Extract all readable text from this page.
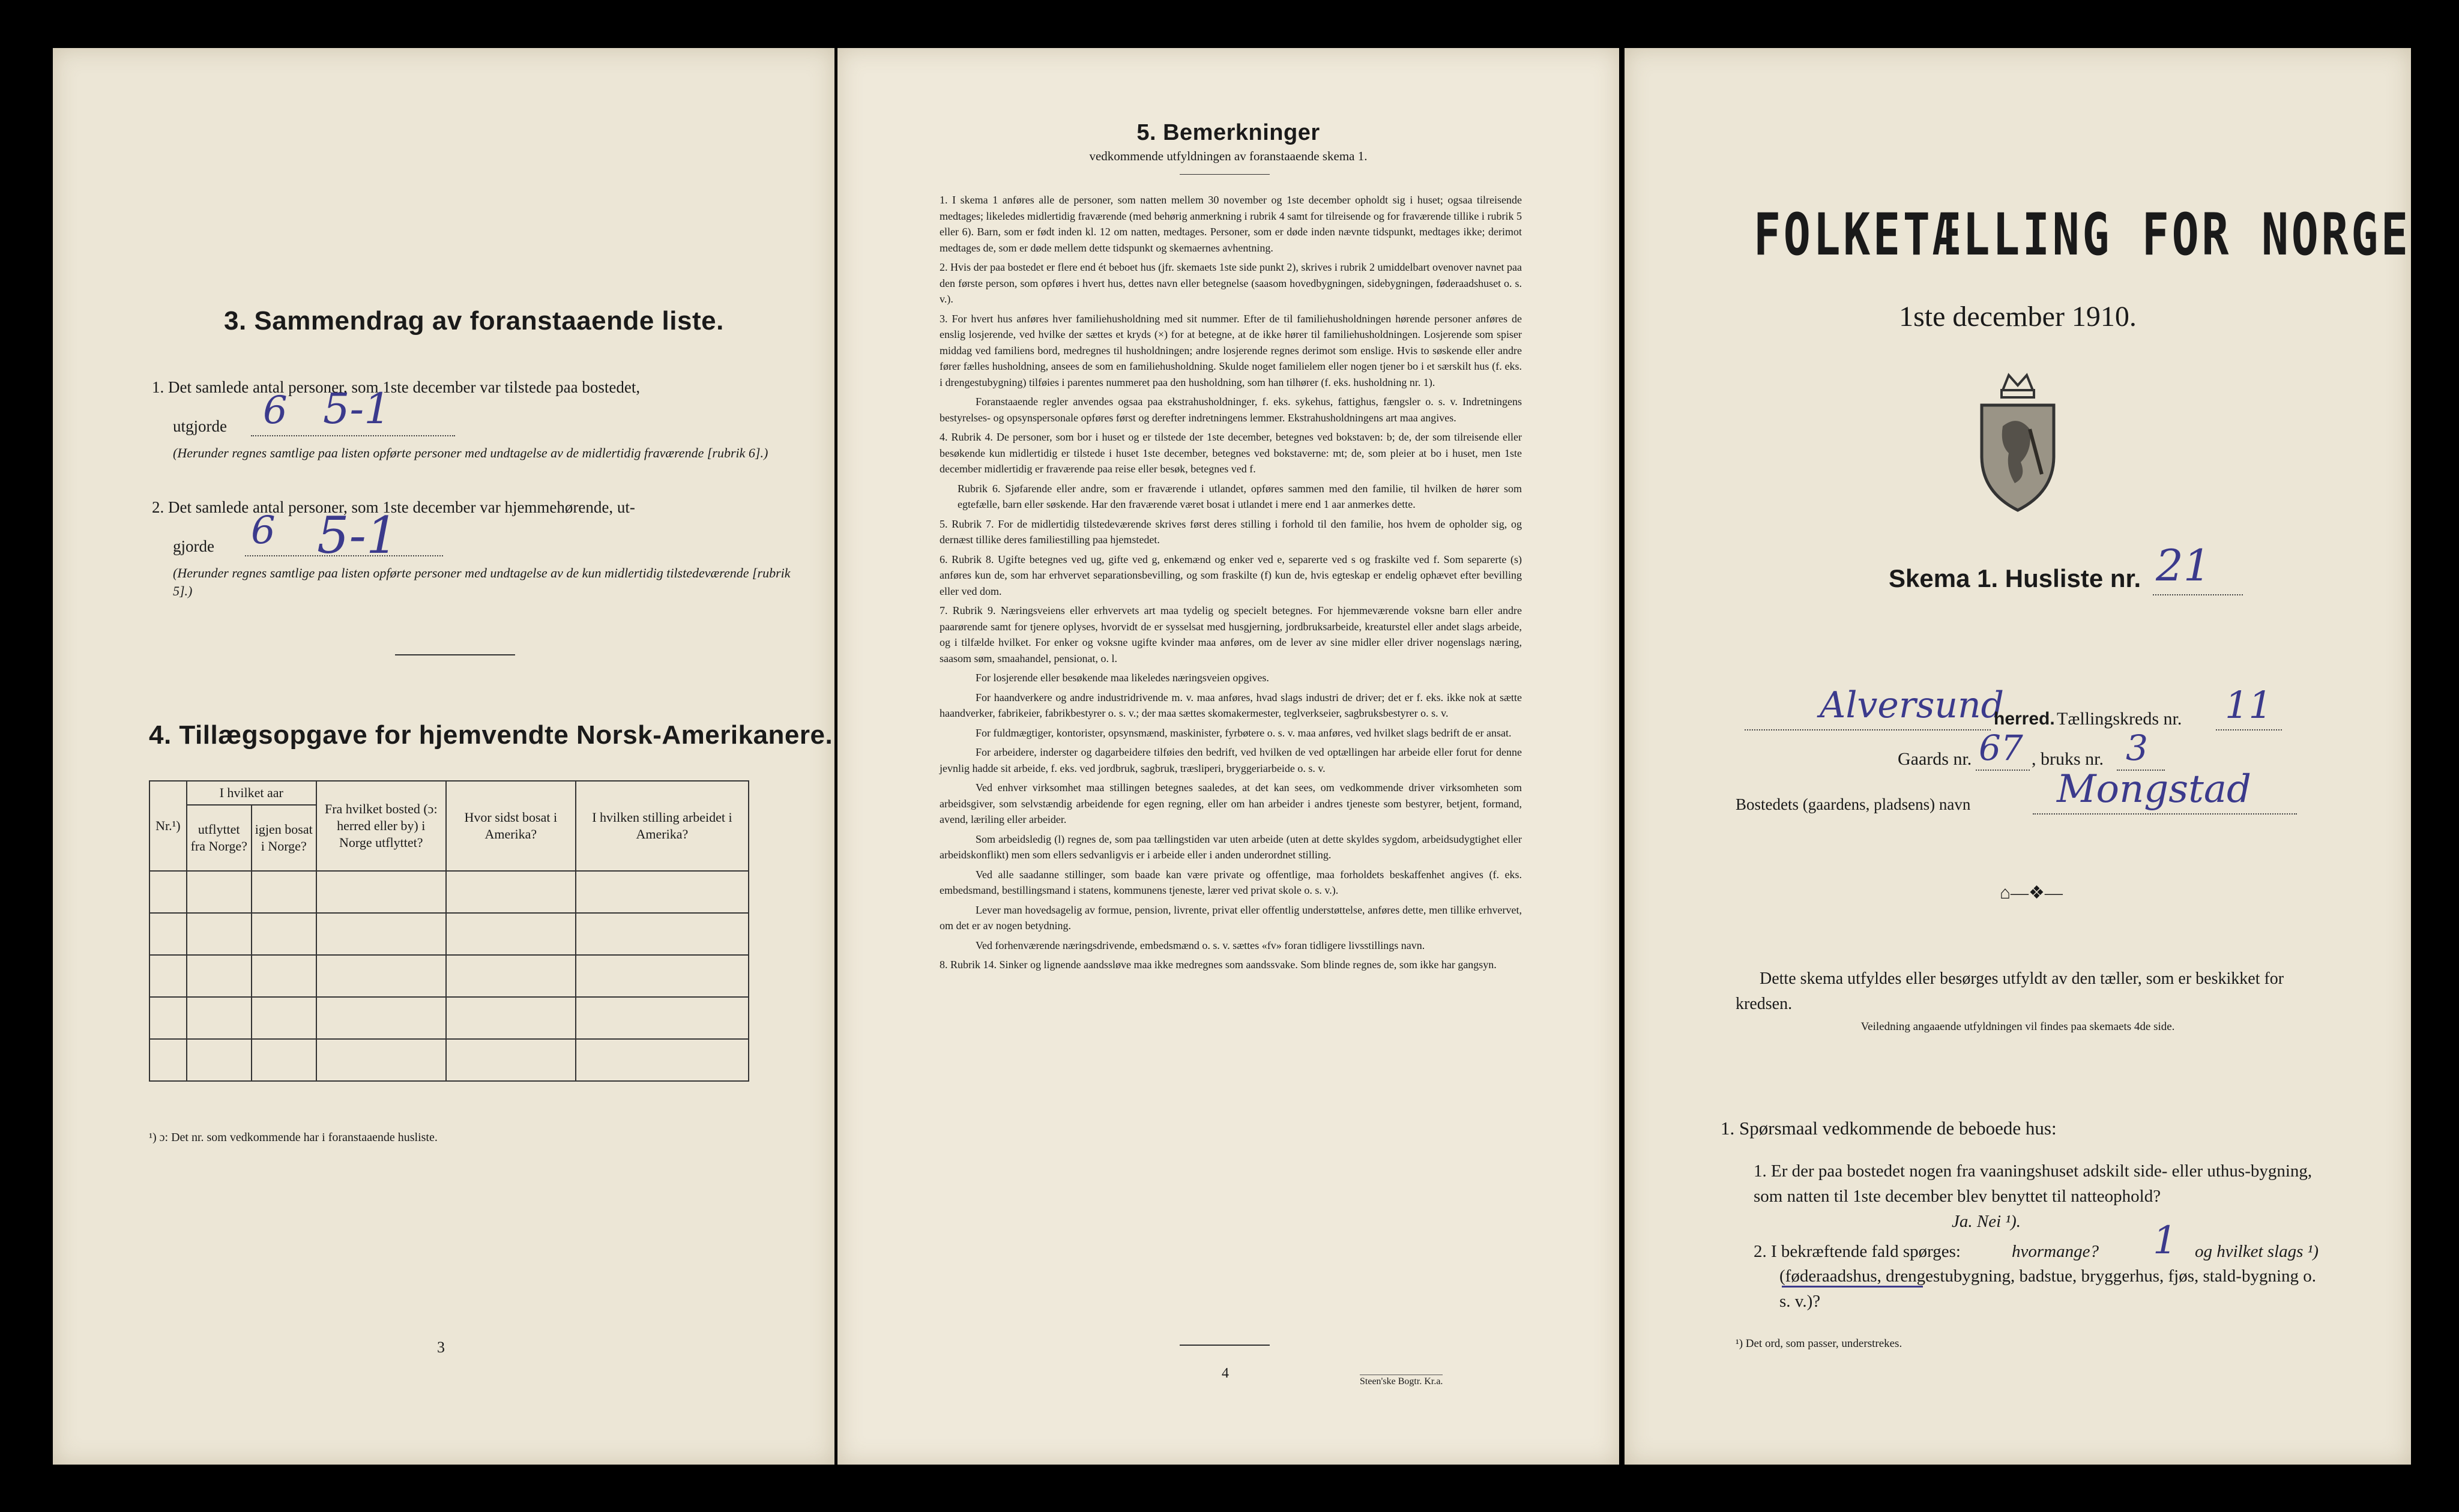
3. Sammendrag av foranstaaende liste.
1. Det samlede antal personer, som 1ste december var tilstede paa bostedet,
utgjorde 6 5-1
(Herunder regnes samtlige paa listen opførte personer med undtagelse av de midlertidig fraværende [rubrik 6].)
2. Det samlede antal personer, som 1ste december var hjemmehørende, ut-
gjorde 6 5-1
(Herunder regnes samtlige paa listen opførte personer med undtagelse av de kun midlertidig tilstedeværende [rubrik 5].)
4. Tillægsopgave for hjemvendte Norsk-Amerikanere.
Nr.¹)	I hvilket aar		Fra hvilket bosted (ɔ: herred eller by) i Norge utflyttet?	Hvor sidst bosat i Amerika?	I hvilken stilling arbeidet i Amerika?
	utflyttet fra Norge?	igjen bosat i Norge?			

¹) ɔ: Det nr. som vedkommende har i foranstaaende husliste.
3
5. Bemerkninger
vedkommende utfyldningen av foranstaaende skema 1.

1. I skema 1 anføres alle de personer, som natten mellem 30 november og 1ste december opholdt sig i huset; ogsaa tilreisende medtages; likeledes midlertidig fraværende (med behørig anmerkning i rubrik 4 samt for tilreisende og for fraværende tillike i rubrik 5 eller 6). Barn, som er født inden kl. 12 om natten, medtages. Personer, som er døde inden nævnte tidspunkt, medtages ikke; derimot medtages de, som er døde mellem dette tidspunkt og skemaernes avhentning.

2. Hvis der paa bostedet er flere end ét beboet hus (jfr. skemaets 1ste side punkt 2), skrives i rubrik 2 umiddelbart ovenover navnet paa den første person, som opføres i hvert hus, dettes navn eller betegnelse (saasom hovedbygningen, sidebygningen, føderaadshuset o. s. v.).

3. For hvert hus anføres hver familiehusholdning med sit nummer. Efter de til familiehusholdningen hørende personer anføres de enslig losjerende, ved hvilke der sættes et kryds (×) for at betegne, at de ikke hører til familiehusholdningen. Losjerende som spiser middag ved familiens bord, medregnes til husholdningen; andre losjerende regnes derimot som enslige. Hvis to søskende eller andre fører fælles husholdning, ansees de som en familiehusholdning. Skulde noget familielem eller nogen tjener bo i et særskilt hus (f. eks. i drengestubygning) tilføies i parentes nummeret paa den husholdning, som han tilhører (f. eks. husholdning nr. 1).

Foranstaaende regler anvendes ogsaa paa ekstrahusholdninger, f. eks. sykehus, fattighus, fængsler o. s. v. Indretningens bestyrelses- og opsynspersonale opføres først og derefter indretningens lemmer. Ekstrahusholdningens art maa angives.

4. Rubrik 4. De personer, som bor i huset og er tilstede der 1ste december, betegnes ved bokstaven: b; de, der som tilreisende eller besøkende kun midlertidig er tilstede i huset 1ste december, betegnes ved bokstaverne: mt; de, som pleier at bo i huset, men 1ste december midlertidig er fraværende paa reise eller besøk, betegnes ved f.

Rubrik 6. Sjøfarende eller andre, som er fraværende i utlandet, opføres sammen med den familie, til hvilken de hører som egtefælle, barn eller søskende. Har den fraværende været bosat i utlandet i mere end 1 aar anmerkes dette.

5. Rubrik 7. For de midlertidig tilstedeværende skrives først deres stilling i forhold til den familie, hos hvem de opholder sig, og dernæst tillike deres familiestilling paa hjemstedet.

6. Rubrik 8. Ugifte betegnes ved ug, gifte ved g, enkemænd og enker ved e, separerte ved s og fraskilte ved f. Som separerte (s) anføres kun de, som har erhvervet separationsbevilling, og som fraskilte (f) kun de, hvis egteskap er endelig ophævet efter bevilling eller ved dom.

7. Rubrik 9. Næringsveiens eller erhvervets art maa tydelig og specielt betegnes. For hjemmeværende voksne barn eller andre paarørende samt for tjenere oplyses, hvorvidt de er sysselsat med husgjerning, jordbruksarbeide, kreaturstel eller andet slags arbeide, og i tilfælde hvilket. For enker og voksne ugifte kvinder maa anføres, om de lever av sine midler eller driver nogenslags næring, saasom søm, smaahandel, pensionat, o. l.

For losjerende eller besøkende maa likeledes næringsveien opgives.

For haandverkere og andre industridrivende m. v. maa anføres, hvad slags industri de driver; det er f. eks. ikke nok at sætte haandverker, fabrikeier, fabrikbestyrer o. s. v.; der maa sættes skomakermester, teglverkseier, sagbruksbestyrer o. s. v.

For fuldmægtiger, kontorister, opsynsmænd, maskinister, fyrbøtere o. s. v. maa anføres, ved hvilket slags bedrift de er ansat.

For arbeidere, inderster og dagarbeidere tilføies den bedrift, ved hvilken de ved optællingen har arbeide eller forut for denne jevnlig hadde sit arbeide, f. eks. ved jordbruk, sagbruk, træsliperi, bryggeriarbeide o. s. v.

Ved enhver virksomhet maa stillingen betegnes saaledes, at det kan sees, om vedkommende driver virksomheten som arbeidsgiver, som selvstændig arbeidende for egen regning, eller om han arbeider i andres tjeneste som bestyrer, betjent, formand, avend, læriling eller arbeider.

Som arbeidsledig (l) regnes de, som paa tællingstiden var uten arbeide (uten at dette skyldes sygdom, arbeidsudygtighet eller arbeidskonflikt) men som ellers sedvanligvis er i arbeide eller i anden underordnet stilling.

Ved alle saadanne stillinger, som baade kan være private og offentlige, maa forholdets beskaffenhet angives (f. eks. embedsmand, bestillingsmand i statens, kommunens tjeneste, lærer ved privat skole o. s. v.).

Lever man hovedsagelig av formue, pension, livrente, privat eller offentlig understøttelse, anføres dette, men tillike erhvervet, om det er av nogen betydning.

Ved forhenværende næringsdrivende, embedsmænd o. s. v. sættes «fv» foran tidligere livsstillings navn.

8. Rubrik 14. Sinker og lignende aandssløve maa ikke medregnes som aandssvake. Som blinde regnes de, som ikke har gangsyn.

4
Steen'ske Bogtr. Kr.a.
FOLKETÆLLING FOR NORGE
1ste december 1910.
Skema 1. Husliste nr. 21
Alversund
herred. Tællingskreds nr. 11
Gaards nr. 67 , bruks nr. 3
Bostedets (gaardens, pladsens) navn Mongstad
⌂—❖—
Dette skema utfyldes eller besørges utfyldt av den tæller, som er beskikket for kredsen.
Veiledning angaaende utfyldningen vil findes paa skemaets 4de side.
1. Spørsmaal vedkommende de beboede hus:
1. Er der paa bostedet nogen fra vaaningshuset adskilt side- eller uthus-bygning, som natten til 1ste december blev benyttet til natteophold?
Ja. Nei ¹).
2. I bekræftende fald spørges:	hvormange? 1 og hvilket slags ¹)
(føderaadshus, drengestubygning, badstue, bryggerhus, fjøs, stald-bygning o. s. v.)?
¹) Det ord, som passer, understrekes.
